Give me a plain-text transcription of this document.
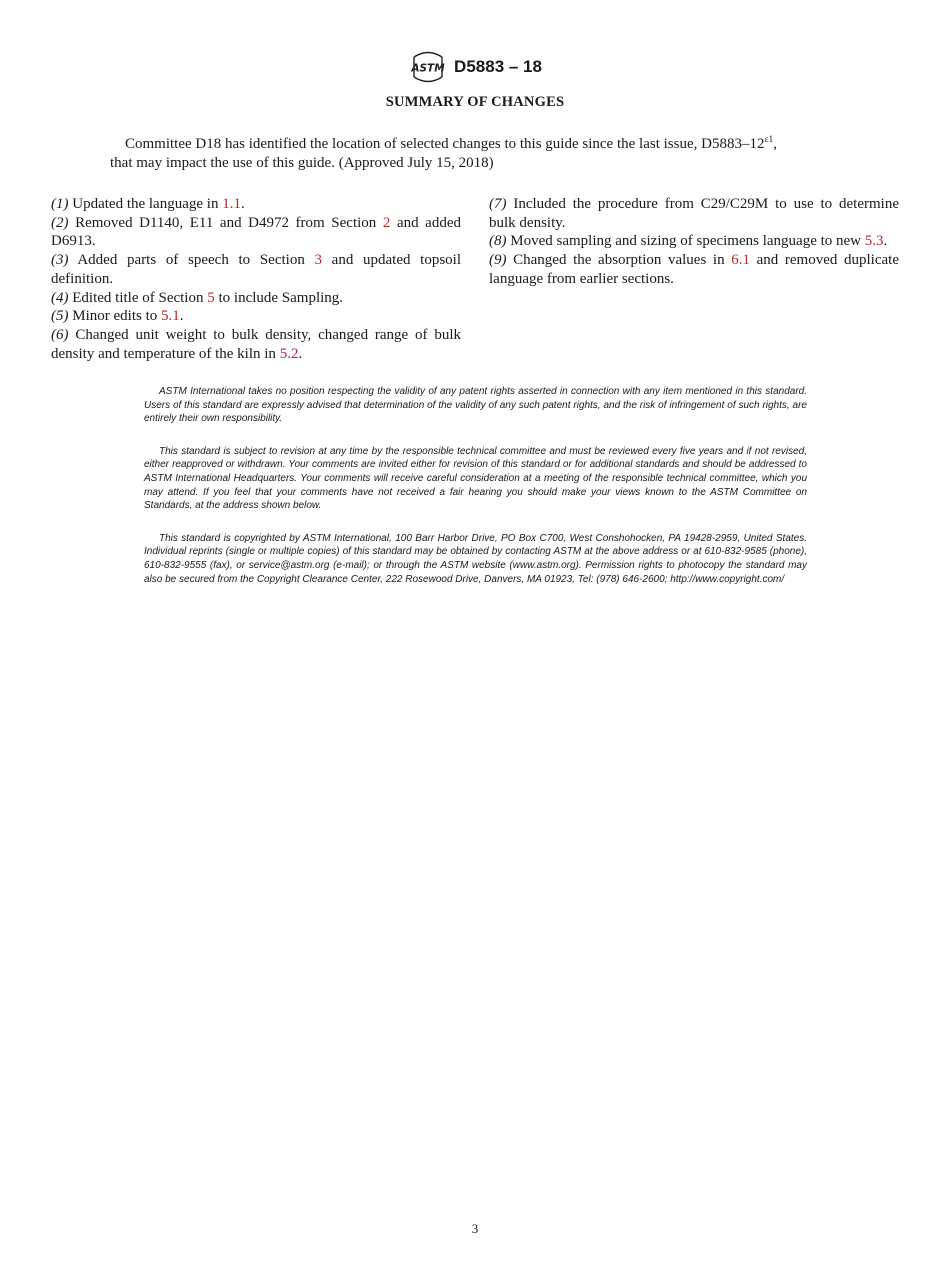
ASTM D5883 – 18
SUMMARY OF CHANGES
Committee D18 has identified the location of selected changes to this guide since the last issue, $D5883-12^{\varepsilon 1}$,
that may impact the use of this guide. (Approved July 15, 2018)

(1) Updated the language in 1.1.

(2) Removed D1140, E11 and D4972 from Section 2 and added D6913.

(3) Added parts of speech to Section 3 and updated topsoil definition.

(4) Edited title of Section 5 to include Sampling.

(5) Minor edits to 5.1.

(6) Changed unit weight to bulk density, changed range of bulk density and temperature of the kiln in 5.2.

(7) Included the procedure from C29/C29M to use to determine bulk density.

(8) Moved sampling and sizing of specimens language to new 5.3.

(9) Changed the absorption values in 6.1 and removed duplicate language from earlier sections.

ASTM International takes no position respecting the validity of any patent rights asserted in connection with any item mentioned in this standard. Users of this standard are expressly advised that determination of the validity of any such patent rights, and the risk of infringement of such rights, are entirely their own responsibility.

This standard is subject to revision at any time by the responsible technical committee and must be reviewed every five years and if not revised, either reapproved or withdrawn. Your comments are invited either for revision of this standard or for additional standards and should be addressed to ASTM International Headquarters. Your comments will receive careful consideration at a meeting of the responsible technical committee, which you may attend. If you feel that your comments have not received a fair hearing you should make your views known to the ASTM Committee on Standards, at the address shown below.

This standard is copyrighted by ASTM International, 100 Barr Harbor Drive, PO Box C700, West Conshohocken, PA 19428-2959, United States. Individual reprints (single or multiple copies) of this standard may be obtained by contacting ASTM at the above address or at 610-832-9585 (phone), 610-832-9555 (fax), or service@astm.org (e-mail); or through the ASTM website (www.astm.org). Permission rights to photocopy the standard may also be secured from the Copyright Clearance Center, 222 Rosewood Drive, Danvers, MA 01923, Tel: (978) 646-2600; http://www.copyright.com/

3
